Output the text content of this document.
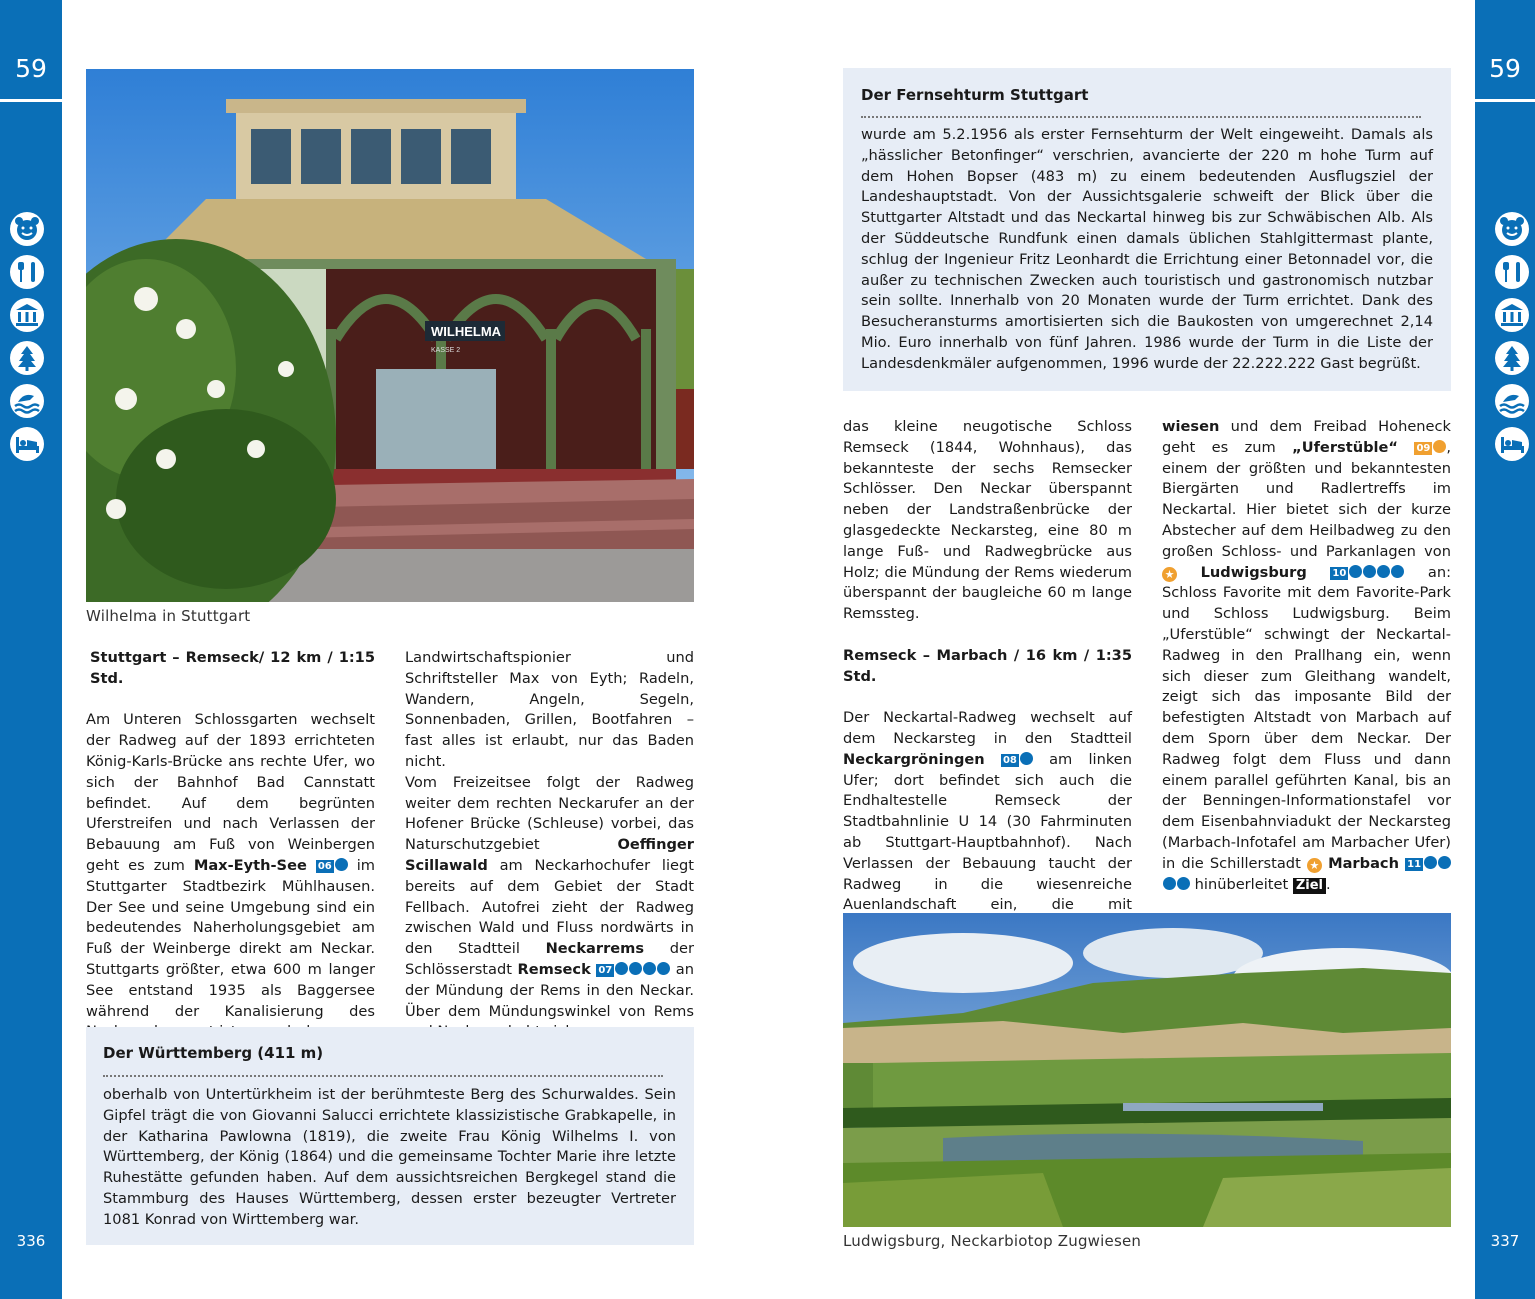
59
336
59
337
WILHELMA
KASSE 2
Wilhelma in Stuttgart

Stuttgart – Remseck/ 12 km / 1:15 Std.

Am Unteren Schlossgarten wechselt der Radweg auf der 1893 errichteten König-Karls-Brücke ans rechte Ufer, wo sich der Bahnhof Bad Cannstatt befindet. Auf dem begrünten Uferstreifen und nach Verlassen der Bebauung am Fuß von Weinbergen geht es zum Max-Eyth-See 06 im Stuttgarter Stadtbezirk Mühlhausen. Der See und seine Umgebung sind ein bedeutendes Naherholungsgebiet am Fuß der Weinberge direkt am Neckar. Stuttgarts größter, etwa 600 m langer See entstand 1935 als Baggersee während der Kanalisierung des

Landwirtschaftspionier und Schriftsteller Max von Eyth; Radeln, Wandern, Angeln, Segeln, Sonnenbaden, Grillen, Bootfahren – fast alles ist erlaubt, nur das Baden nicht.

Vom Freizeitsee folgt der Radweg weiter dem rechten Neckarufer an der Hofener Brücke (Schleuse) vorbei, das Naturschutzgebiet Oeffinger Scillawald am Neckarhochufer liegt bereits auf dem Gebiet der Stadt Fellbach. Autofrei zieht der Radweg zwischen Wald und Fluss nordwärts in den Stadtteil Neckarrems der Schlösserstadt Remseck 07	an der Mündung der Rems in den Neckar. Über dem Mündungswinkel von Rems

Der Württemberg (411 m)
oberhalb von Untertürkheim ist der berühmteste Berg des Schurwaldes. Sein Gipfel trägt die von Giovanni Salucci errichtete klassizistische Grabkapelle, in der Katharina Pawlowna (1819), die zweite Frau König Wilhelms I. von Württemberg, der König (1864) und die gemeinsame Tochter Marie ihre letzte Ruhestätte gefunden haben. Auf dem aussichtsreichen Bergkegel stand die Stammburg des Hauses Württemberg, dessen erster bezeugter Vertreter 1081 Konrad von Wirttemberg war.
Der Fernsehturm Stuttgart
wurde am 5.2.1956 als erster Fernsehturm der Welt eingeweiht. Damals als „hässlicher Betonfinger“ verschrien, avancierte der 220 m hohe Turm auf dem Hohen Bopser (483 m) zu einem bedeutenden Ausflugsziel der Landeshauptstadt. Von der Aussichtsgalerie schweift der Blick über die Stuttgarter Altstadt und das Neckartal hinweg bis zur Schwäbischen Alb. Als der Süddeutsche Rundfunk einen damals üblichen Stahlgittermast plante, schlug der Ingenieur Fritz Leonhardt die Errichtung einer Betonnadel vor, die außer zu technischen Zwecken auch touristisch und gastronomisch nutzbar sein sollte. Innerhalb von 20 Monaten wurde der Turm errichtet. Dank des Besucheransturms amortisierten sich die Baukosten von umgerechnet 2,14 Mio. Euro innerhalb von fünf Jahren. 1986 wurde der Turm in die Liste der Landesdenkmäler aufgenommen, 1996 wurde der 22.222.222 Gast begrüßt.

das kleine neugotische Schloss Remseck (1844, Wohnhaus), das bekannteste der sechs Remsecker Schlösser. Den Neckar überspannt neben der Landstraßenbrücke der glasgedeckte Neckarsteg, eine 80 m lange Fuß- und Radwegbrücke aus Holz; die Mündung der Rems wiederum überspannt der baugleiche 60 m lange Remssteg.

Remseck – Marbach / 16 km / 1:35 Std.

Der Neckartal-Radweg wechselt auf dem Neckarsteg in den Stadtteil Neckargröningen 08 am linken Ufer; dort befindet sich auch die Endhaltestelle Remseck der Stadtbahnlinie U 14 (30 Fahrminuten ab Stuttgart-Hauptbahnhof). Nach Verlassen der Bebauung taucht der Radweg in die wiesenreiche Auenlandschaft ein, die mit

wiesen und dem Freibad Hoheneck geht es zum „Uferstüble“ 09 , einem der größten und bekanntesten Biergärten und Radlertreffs im Neckartal. Hier bietet sich der kurze Abstecher auf dem Heilbadweg zu den großen Schloss- und Parkanlagen von ★ Ludwigsburg	10	an: Schloss Favorite mit dem Favorite-Park und Schloss Ludwigsburg. Beim „Uferstüble“ schwingt der Neckartal-Radweg in den Prallhang ein, wenn sich dieser zum Gleithang wandelt, zeigt sich das imposante Bild der befestigten Altstadt von Marbach auf dem Sporn über dem Neckar. Der Radweg folgt dem Fluss und dann einem parallel geführten Kanal, bis an der Benningen-Informationstafel vor dem Eisenbahnviadukt der Neckarsteg (Marbach-Infotafel am Marbacher Ufer) in die Schillerstadt ★ Marbach 11 hinüberleitet Ziel .

Ludwigsburg, Neckarbiotop Zugwiesen
